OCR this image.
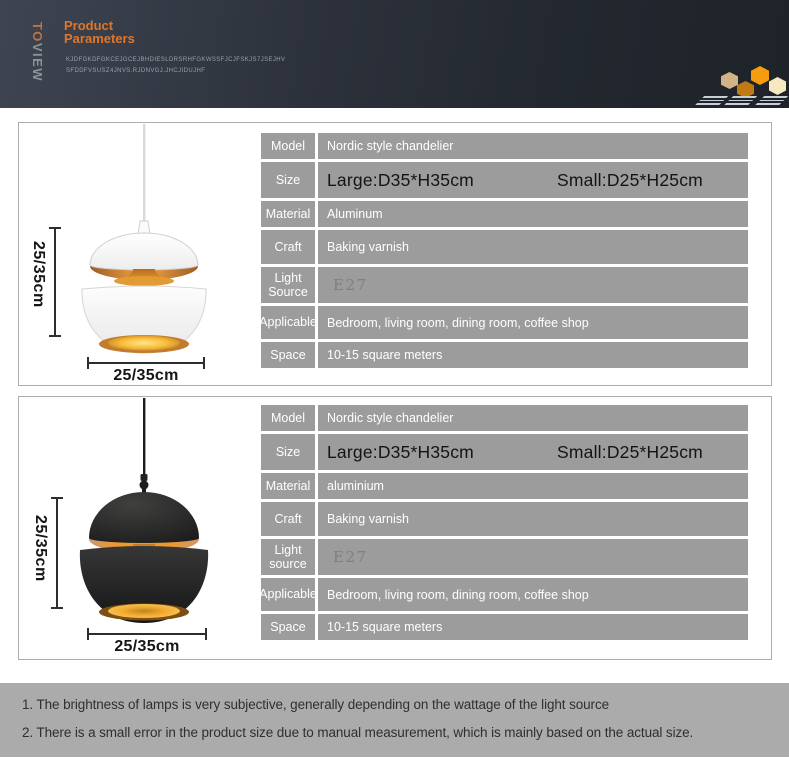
TOVIEW
Product
Parameters
KJDFGKDFGKCEJGCEJBHDIESLDRSRHFGKWSSFJCJFSKJS7JSEJHV
SFDDFVSUSZ4JNVS.RJDNVGJ.JHCJIDUJHF
25/35cm
25/35cm
Model	Nordic style chandelier
Size	Large:D35*H35cm	Small:D25*H25cm
Material	Aluminum
Craft	Baking varnish
Light Source	E27
Applicable Bedroom, living room, dining room, coffee shop
Space	10-15 square meters
25/35cm
25/35cm
Model	Nordic style chandelier
Size	Large:D35*H35cm	Small:D25*H25cm
Material	aluminium
Craft	Baking varnish
Light source	E27
Applicable Bedroom, living room, dining room, coffee shop
Space	10-15 square meters
1. The brightness of lamps is very subjective, generally depending on the wattage of the light source
2. There is a small error in the product size due to manual measurement, which is mainly based on the actual size.
